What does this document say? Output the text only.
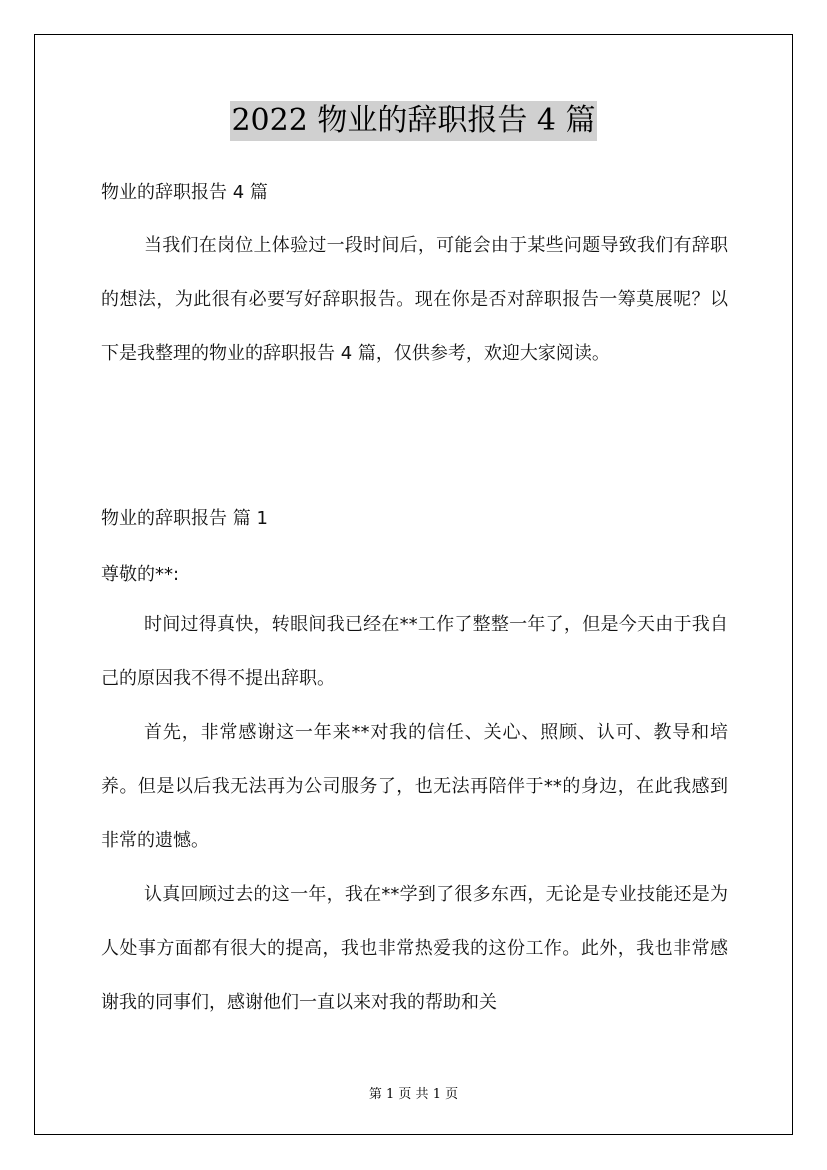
2022 物业的辞职报告 4 篇

物业的辞职报告 4 篇

当我们在岗位上体验过一段时间后，可能会由于某些问题导致我们有辞职的想法，为此很有必要写好辞职报告。现在你是否对辞职报告一筹莫展呢？以下是我整理的物业的辞职报告 4 篇，仅供参考，欢迎大家阅读。

物业的辞职报告 篇 1

尊敬的**:

时间过得真快，转眼间我已经在**工作了整整一年了，但是今天由于我自己的原因我不得不提出辞职。

首先，非常感谢这一年来**对我的信任、关心、照顾、认可、教导和培养。但是以后我无法再为公司服务了，也无法再陪伴于**的身边，在此我感到非常的遗憾。

认真回顾过去的这一年，我在**学到了很多东西，无论是专业技能还是为人处事方面都有很大的提高，我也非常热爱我的这份工作。此外，我也非常感谢我的同事们，感谢他们一直以来对我的帮助和关

第 1 页 共 1 页
